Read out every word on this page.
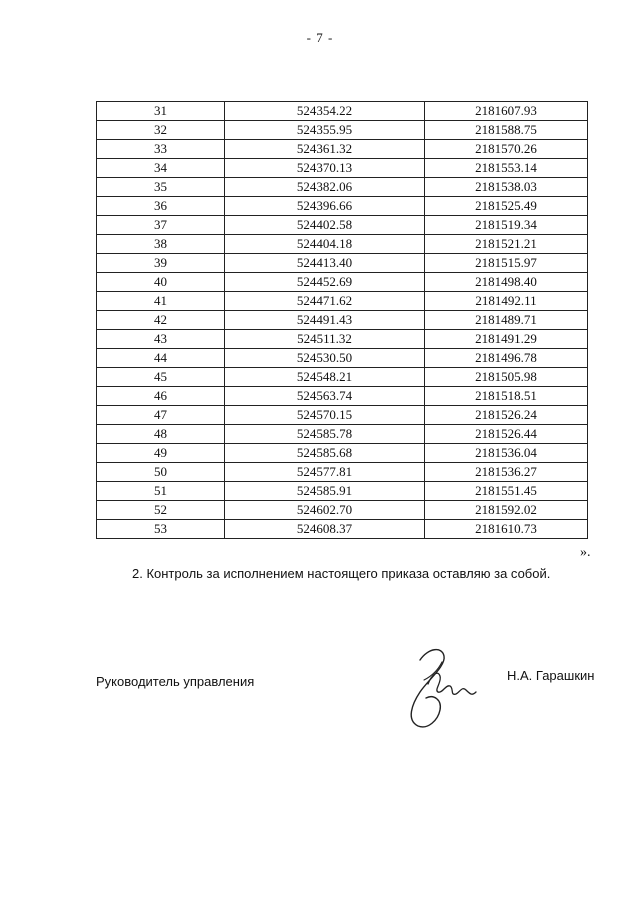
- 7 -
31	524354.22	2181607.93
32	524355.95	2181588.75
33	524361.32	2181570.26
34	524370.13	2181553.14
35	524382.06	2181538.03
36	524396.66	2181525.49
37	524402.58	2181519.34
38	524404.18	2181521.21
39	524413.40	2181515.97
40	524452.69	2181498.40
41	524471.62	2181492.11
42	524491.43	2181489.71
43	524511.32	2181491.29
44	524530.50	2181496.78
45	524548.21	2181505.98
46	524563.74	2181518.51
47	524570.15	2181526.24
48	524585.78	2181526.44
49	524585.68	2181536.04
50	524577.81	2181536.27
51	524585.91	2181551.45
52	524602.70	2181592.02
53	524608.37	2181610.73
».
2. Контроль за исполнением настоящего приказа оставляю за собой.
Руководитель управления	Н.А. Гарашкин
